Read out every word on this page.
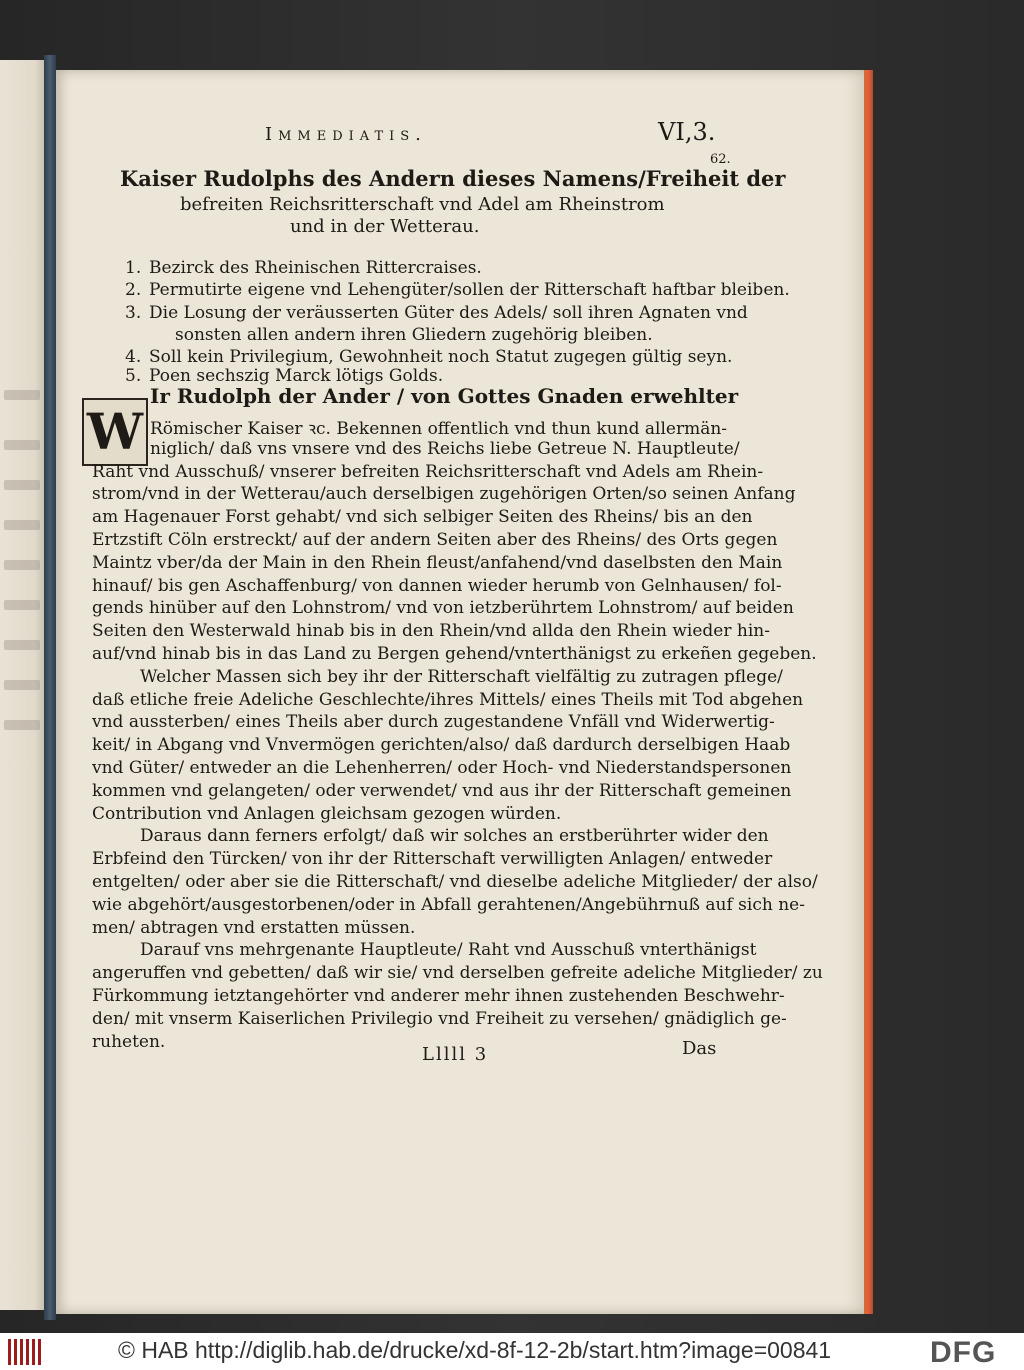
Immediatis.	VI,3.
62.
Kaiser Rudolphs des Andern dieses Namens/Freiheit der
befreiten Reichsritterschaft vnd Adel am Rheinstrom
und in der Wetterau.
1. Bezirck des Rheinischen Rittercraises.
2. Permutirte eigene vnd Lehengüter/sollen der Ritterschaft haftbar bleiben.
3. Die Losung der veräusserten Güter des Adels/ soll ihren Agnaten vnd
sonsten allen andern ihren Gliedern zugehörig bleiben.
4. Soll kein Privilegium, Gewohnheit noch Statut zugegen gültig seyn.
5. Poen sechszig Marck lötigs Golds.
W
Ir Rudolph der Ander / von Gottes Gnaden erwehlter
Römischer Kaiser ꝛc. Bekennen offentlich vnd thun kund allermän-
niglich/ daß vns vnsere vnd des Reichs liebe Getreue N. Hauptleute/
Raht vnd Ausschuß/ vnserer befreiten Reichsritterschaft vnd Adels am Rhein-
strom/vnd in der Wetterau/auch derselbigen zugehörigen Orten/so seinen Anfang
am Hagenauer Forst gehabt/ vnd sich selbiger Seiten des Rheins/ bis an den
Ertzstift Cöln erstreckt/ auf der andern Seiten aber des Rheins/ des Orts gegen
Maintz vber/da der Main in den Rhein fleust/anfahend/vnd daselbsten den Main
hinauf/ bis gen Aschaffenburg/ von dannen wieder herumb von Gelnhausen/ fol-
gends hinüber auf den Lohnstrom/ vnd von ietzberührtem Lohnstrom/ auf beiden
Seiten den Westerwald hinab bis in den Rhein/vnd allda den Rhein wieder hin-
auf/vnd hinab bis in das Land zu Bergen gehend/vnterthänigst zu erkeñen gegeben.
Welcher Massen sich bey ihr der Ritterschaft vielfältig zu zutragen pflege/
daß etliche freie Adeliche Geschlechte/ihres Mittels/ eines Theils mit Tod abgehen
vnd aussterben/ eines Theils aber durch zugestandene Vnfäll vnd Widerwertig-
keit/ in Abgang vnd Vnvermögen gerichten/also/ daß dardurch derselbigen Haab
vnd Güter/ entweder an die Lehenherren/ oder Hoch- vnd Niederstandspersonen
kommen vnd gelangeten/ oder verwendet/ vnd aus ihr der Ritterschaft gemeinen
Contribution vnd Anlagen gleichsam gezogen würden.
Daraus dann ferners erfolgt/ daß wir solches an erstberührter wider den
Erbfeind den Türcken/ von ihr der Ritterschaft verwilligten Anlagen/ entweder
entgelten/ oder aber sie die Ritterschaft/ vnd dieselbe adeliche Mitglieder/ der also/
wie abgehört/ausgestorbenen/oder in Abfall gerahtenen/Angebührnuß auf sich ne-
men/ abtragen vnd erstatten müssen.
Darauf vns mehrgenante Hauptleute/ Raht vnd Ausschuß vnterthänigst
angeruffen vnd gebetten/ daß wir sie/ vnd derselben gefreite adeliche Mitglieder/ zu
Fürkommung ietztangehörter vnd anderer mehr ihnen zustehenden Beschwehr-
den/ mit vnserm Kaiserlichen Privilegio vnd Freiheit zu versehen/ gnädiglich ge-
ruheten.
Lllll 3	Das
© HAB http://diglib.hab.de/drucke/xd-8f-12-2b/start.htm?image=00841	DFG
